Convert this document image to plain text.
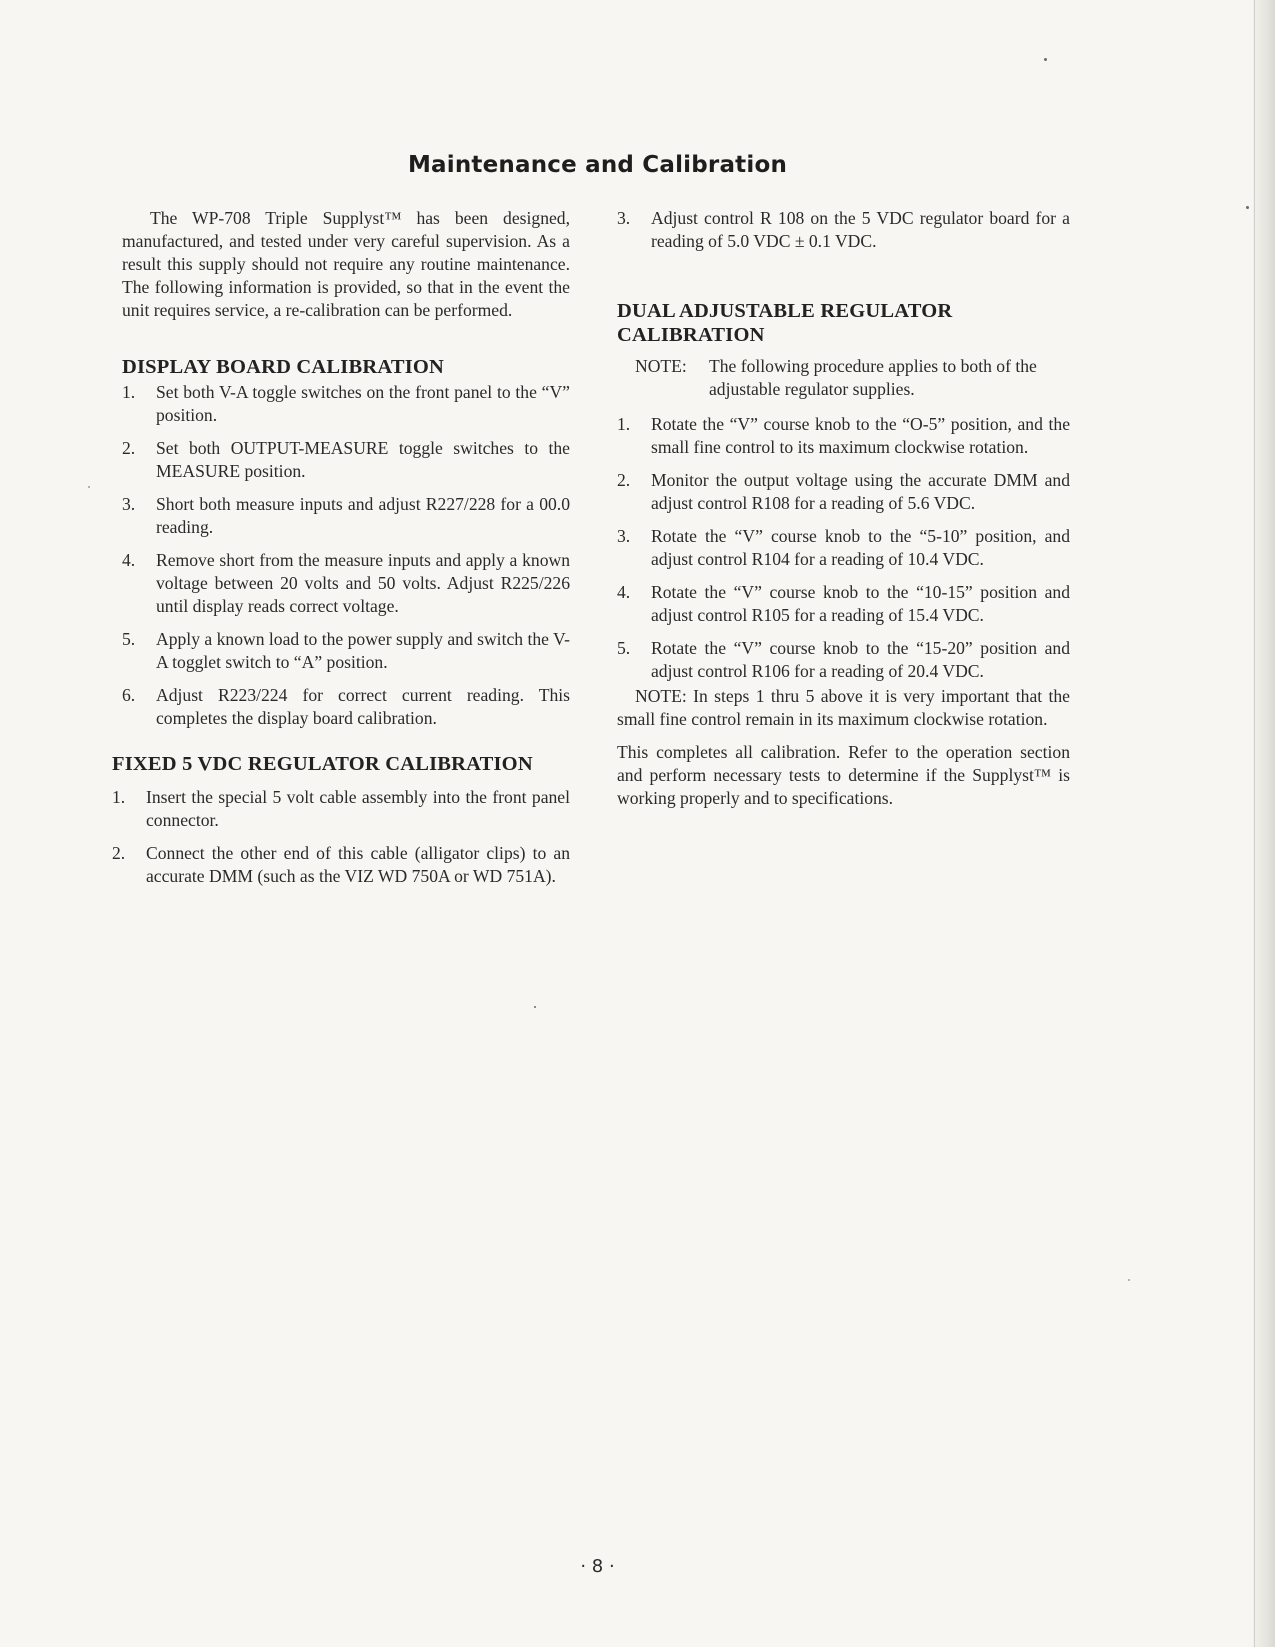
Maintenance and Calibration

The WP-708 Triple Supplyst™ has been designed, manufactured, and tested under very careful supervision. As a result this supply should not require any routine maintenance. The following information is provided, so that in the event the unit requires service, a re-calibration can be performed.

DISPLAY BOARD CALIBRATION
1.	Set both V-A toggle switches on the front panel to the “V” position.
2.	Set both OUTPUT-MEASURE toggle switches to the MEASURE position.
3.	Short both measure inputs and adjust R227/228 for a 00.0 reading.
4.	Remove short from the measure inputs and apply a known voltage between 20 volts and 50 volts. Adjust R225/226 until display reads correct voltage.
5.	Apply a known load to the power supply and switch the V-A togglet switch to “A” position.
6.	Adjust R223/224 for correct current reading. This completes the display board calibration.
FIXED 5 VDC REGULATOR CALIBRATION
1.	Insert the special 5 volt cable assembly into the front panel connector.
2.	Connect the other end of this cable (alligator clips) to an accurate DMM (such as the VIZ WD 750A or WD 751A).
3.	Adjust control R 108 on the 5 VDC regulator board for a reading of 5.0 VDC ± 0.1 VDC.
DUAL ADJUSTABLE REGULATOR CALIBRATION
NOTE:	The following procedure applies to both of the adjustable regulator supplies.
1.	Rotate the “V” course knob to the “O-5” position, and the small fine control to its maximum clockwise rotation.
2.	Monitor the output voltage using the accurate DMM and adjust control R108 for a reading of 5.6 VDC.
3.	Rotate the “V” course knob to the “5-10” position, and adjust control R104 for a reading of 10.4 VDC.
4.	Rotate the “V” course knob to the “10-15” position and adjust control R105 for a reading of 15.4 VDC.
5.	Rotate the “V” course knob to the “15-20” position and adjust control R106 for a reading of 20.4 VDC.

NOTE: In steps 1 thru 5 above it is very important that the small fine control remain in its maximum clockwise rotation.

This completes all calibration. Refer to the operation section and perform necessary tests to determine if the Supplyst™ is working properly and to specifications.

· 8 ·
